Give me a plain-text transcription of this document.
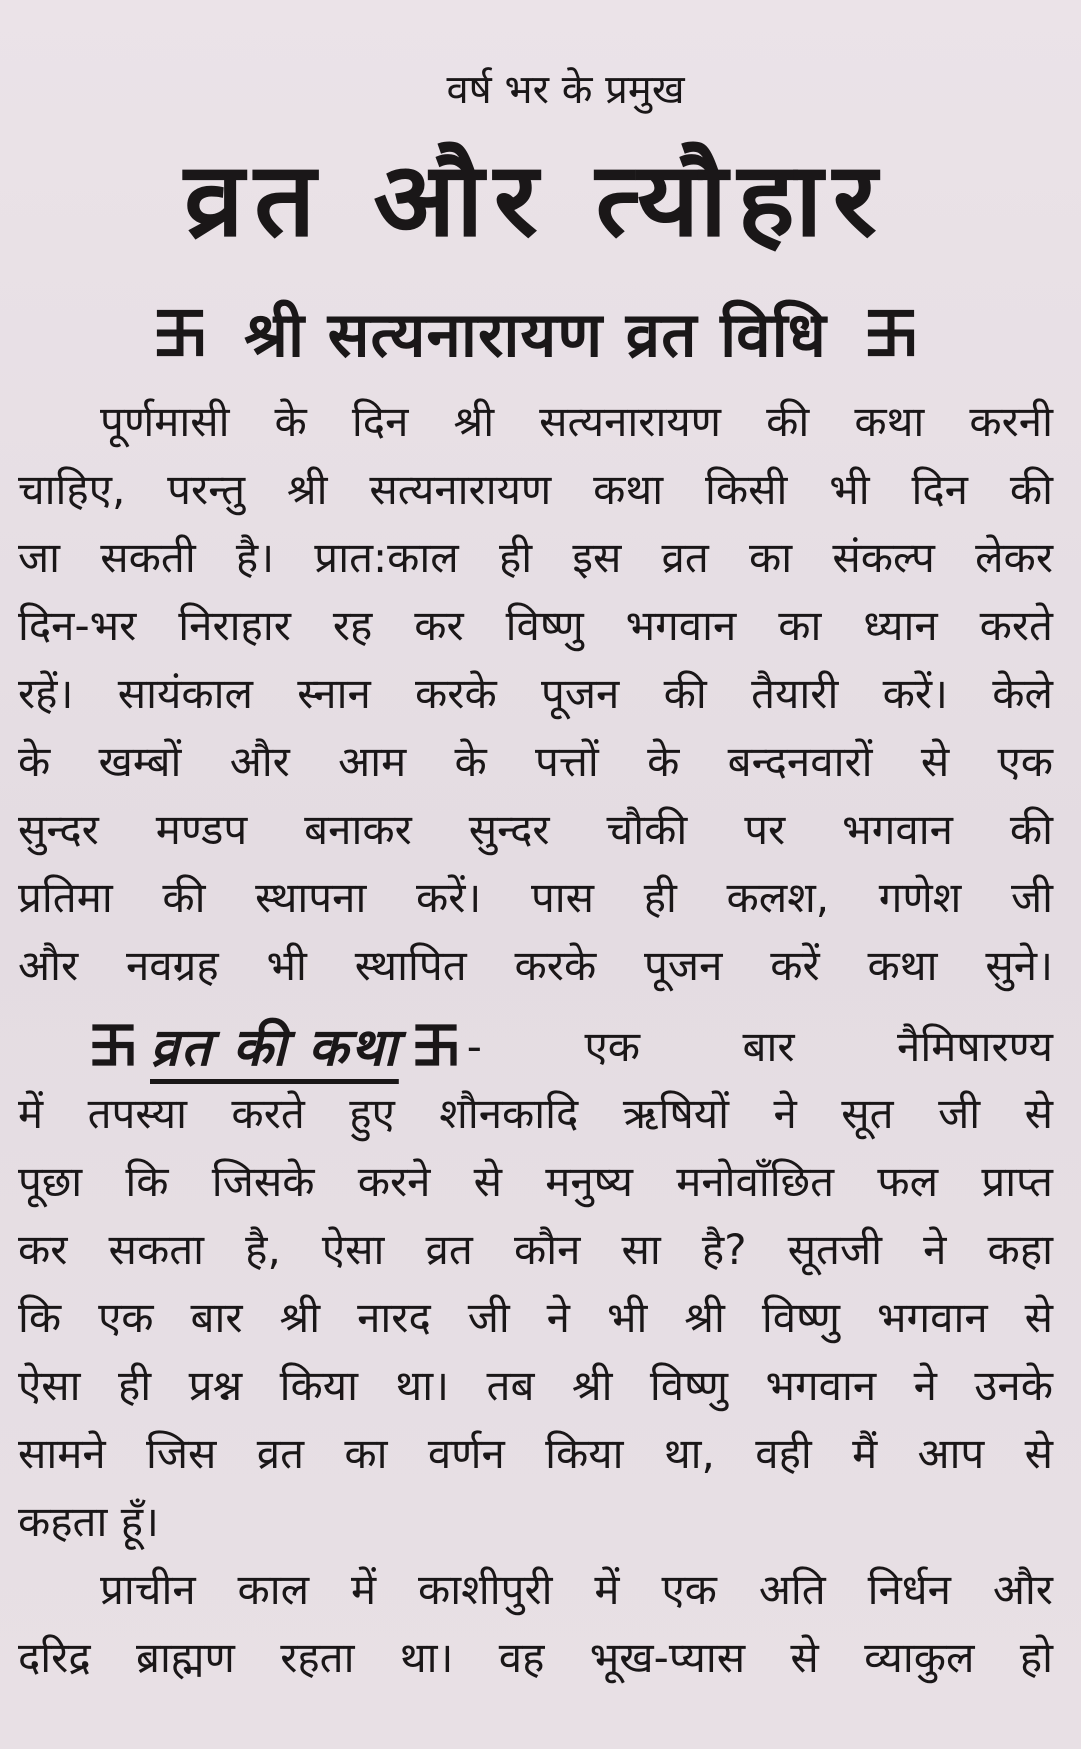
वर्ष भर के प्रमुख
व्रत और त्यौहार
श्री सत्यनारायण व्रत विधि
पूर्णमासी के दिन श्री सत्यनारायण की कथा करनी
चाहिए, परन्तु श्री सत्यनारायण कथा किसी भी दिन की
जा सकती है। प्रात:काल ही इस व्रत का संकल्प लेकर
दिन-भर निराहार रह कर विष्णु भगवान का ध्यान करते
रहें। सायंकाल स्नान करके पूजन की तैयारी करें। केले
के खम्बों और आम के पत्तों के बन्दनवारों से एक
सुन्दर मण्डप बनाकर सुन्दर चौकी पर भगवान की
प्रतिमा की स्थापना करें। पास ही कलश, गणेश जी
और नवग्रह भी स्थापित करके पूजन करें कथा सुने।
व्रत की कथा - एक बार नैमिषारण्य
में तपस्या करते हुए शौनकादि ऋषियों ने सूत जी से
पूछा कि जिसके करने से मनुष्य मनोवाँछित फल प्राप्त
कर सकता है, ऐसा व्रत कौन सा है? सूतजी ने कहा
कि एक बार श्री नारद जी ने भी श्री विष्णु भगवान से
ऐसा ही प्रश्न किया था। तब श्री विष्णु भगवान ने उनके
सामने जिस व्रत का वर्णन किया था, वही मैं आप से
कहता हूँ।
प्राचीन काल में काशीपुरी में एक अति निर्धन और
दरिद्र ब्राह्मण रहता था। वह भूख-प्यास से व्याकुल हो
